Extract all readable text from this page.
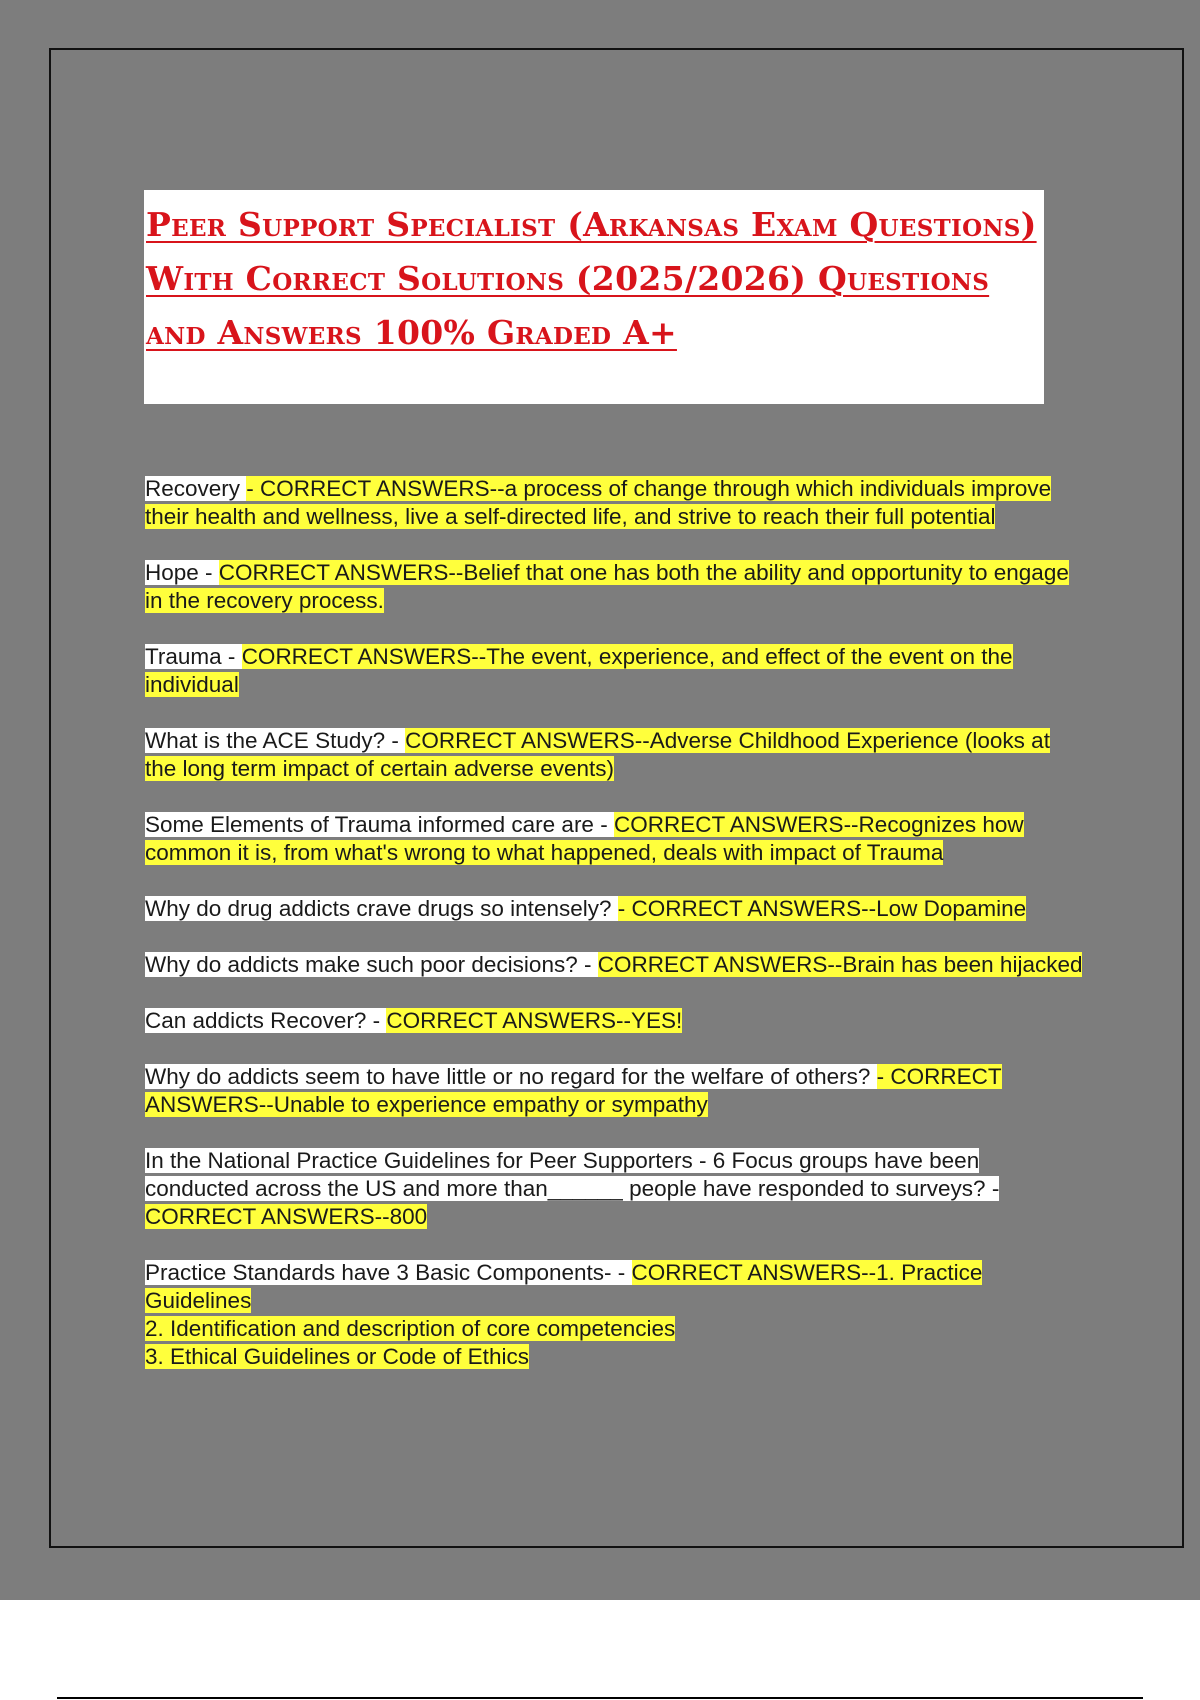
Peer Support Specialist (Arkansas Exam Questions) With Correct Solutions (2025/2026) Questions and Answers 100% Graded A+

Recovery - CORRECT ANSWERS--a process of change through which individuals improve their health and wellness, live a self-directed life, and strive to reach their full potential

Hope - CORRECT ANSWERS--Belief that one has both the ability and opportunity to engage in the recovery process.

Trauma - CORRECT ANSWERS--The event, experience, and effect of the event on the individual

What is the ACE Study? - CORRECT ANSWERS--Adverse Childhood Experience (looks at the long term impact of certain adverse events)

Some Elements of Trauma informed care are - CORRECT ANSWERS--Recognizes how common it is, from what's wrong to what happened, deals with impact of Trauma

Why do drug addicts crave drugs so intensely? - CORRECT ANSWERS--Low Dopamine

Why do addicts make such poor decisions? - CORRECT ANSWERS--Brain has been hijacked

Can addicts Recover? - CORRECT ANSWERS--YES!

Why do addicts seem to have little or no regard for the welfare of others? - CORRECT ANSWERS--Unable to experience empathy or sympathy

In the National Practice Guidelines for Peer Supporters - 6 Focus groups have been conducted across the US and more than______ people have responded to surveys? - CORRECT ANSWERS--800

Practice Standards have 3 Basic Components- - CORRECT ANSWERS--1. Practice Guidelines
2. Identification and description of core competencies
3. Ethical Guidelines or Code of Ethics
